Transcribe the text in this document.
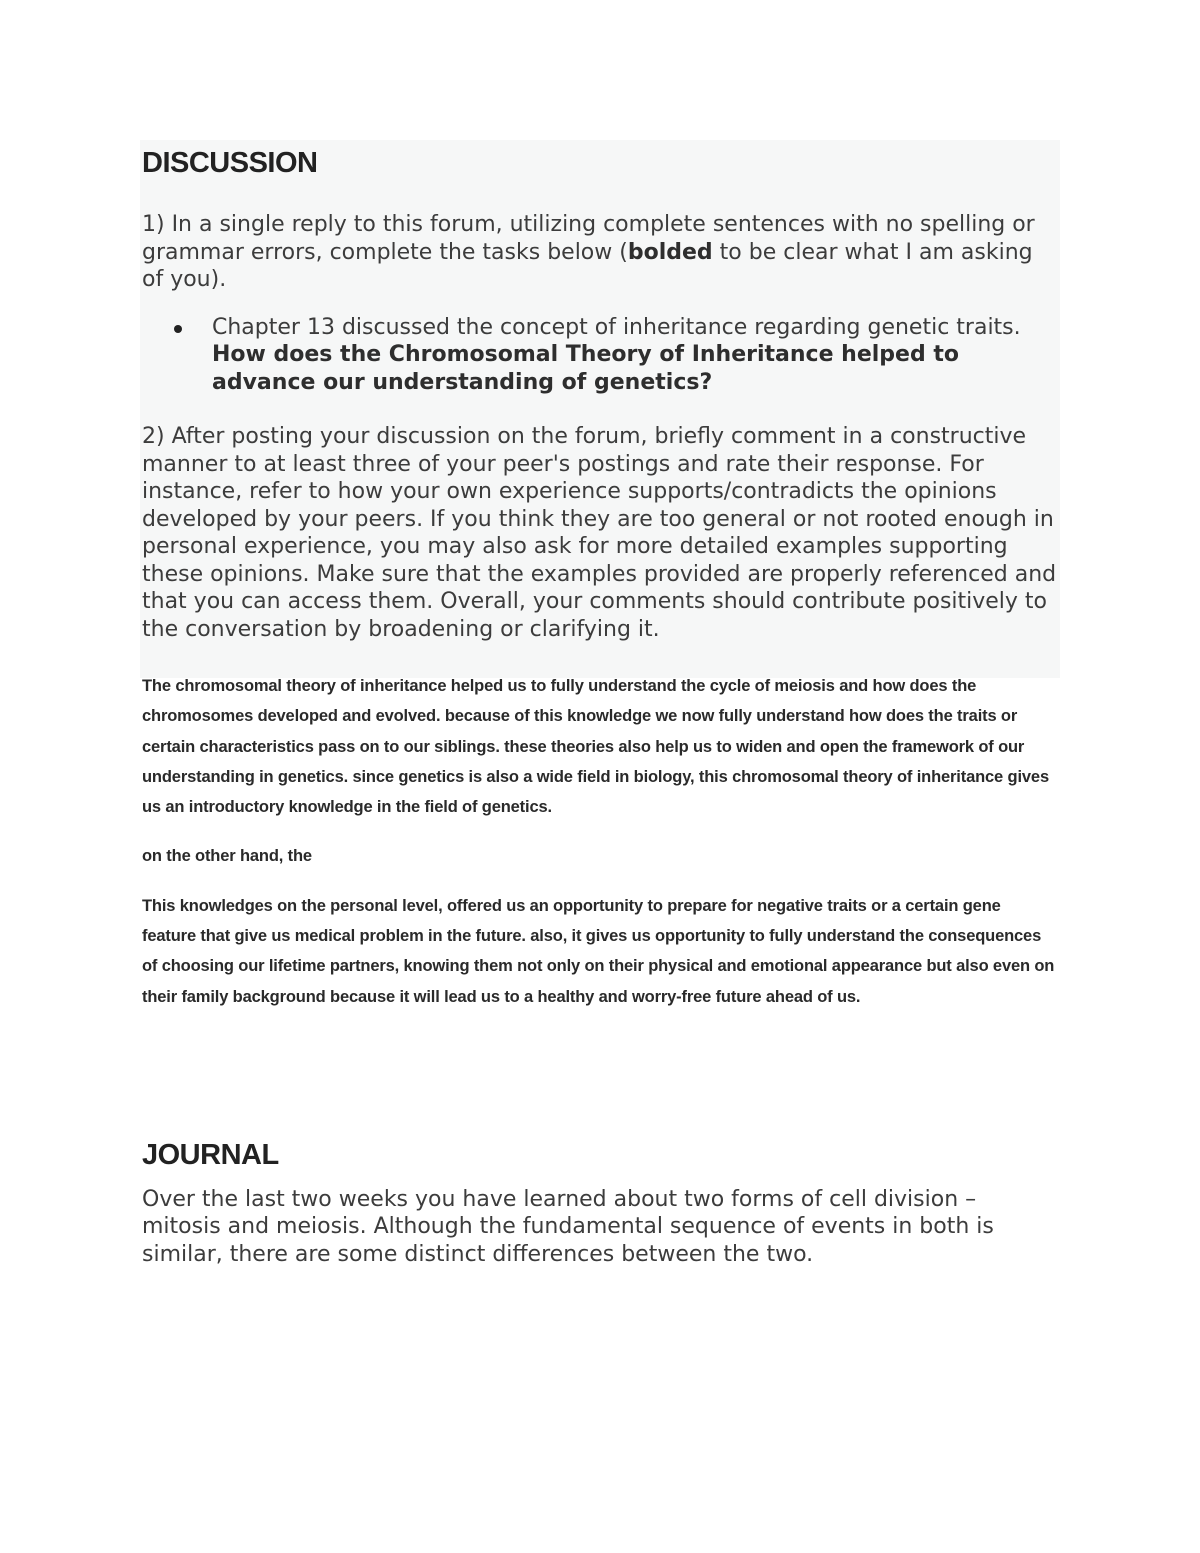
DISCUSSION

1) In a single reply to this forum, utilizing complete sentences with no spelling or grammar errors, complete the tasks below (bolded to be clear what I am asking of you).

Chapter 13 discussed the concept of inheritance regarding genetic traits. How does the Chromosomal Theory of Inheritance helped to advance our understanding of genetics?

2) After posting your discussion on the forum, briefly comment in a constructive manner to at least three of your peer's postings and rate their response. For instance, refer to how your own experience supports/contradicts the opinions developed by your peers. If you think they are too general or not rooted enough in personal experience, you may also ask for more detailed examples supporting these opinions. Make sure that the examples provided are properly referenced and that you can access them. Overall, your comments should contribute positively to the conversation by broadening or clarifying it.

The chromosomal theory of inheritance helped us to fully understand the cycle of meiosis and how does the chromosomes developed and evolved. because of this knowledge we now fully understand how does the traits or certain characteristics pass on to our siblings. these theories also help us to widen and open the framework of our understanding in genetics. since genetics is also a wide field in biology, this chromosomal theory of inheritance gives us an introductory knowledge in the field of genetics.

on the other hand, the

This knowledges on the personal level, offered us an opportunity to prepare for negative traits or a certain gene feature that give us medical problem in the future. also, it gives us opportunity to fully understand the consequences of choosing our lifetime partners, knowing them not only on their physical and emotional appearance but also even on their family background because it will lead us to a healthy and worry-free future ahead of us.

JOURNAL

Over the last two weeks you have learned about two forms of cell division – mitosis and meiosis. Although the fundamental sequence of events in both is similar, there are some distinct differences between the two.
